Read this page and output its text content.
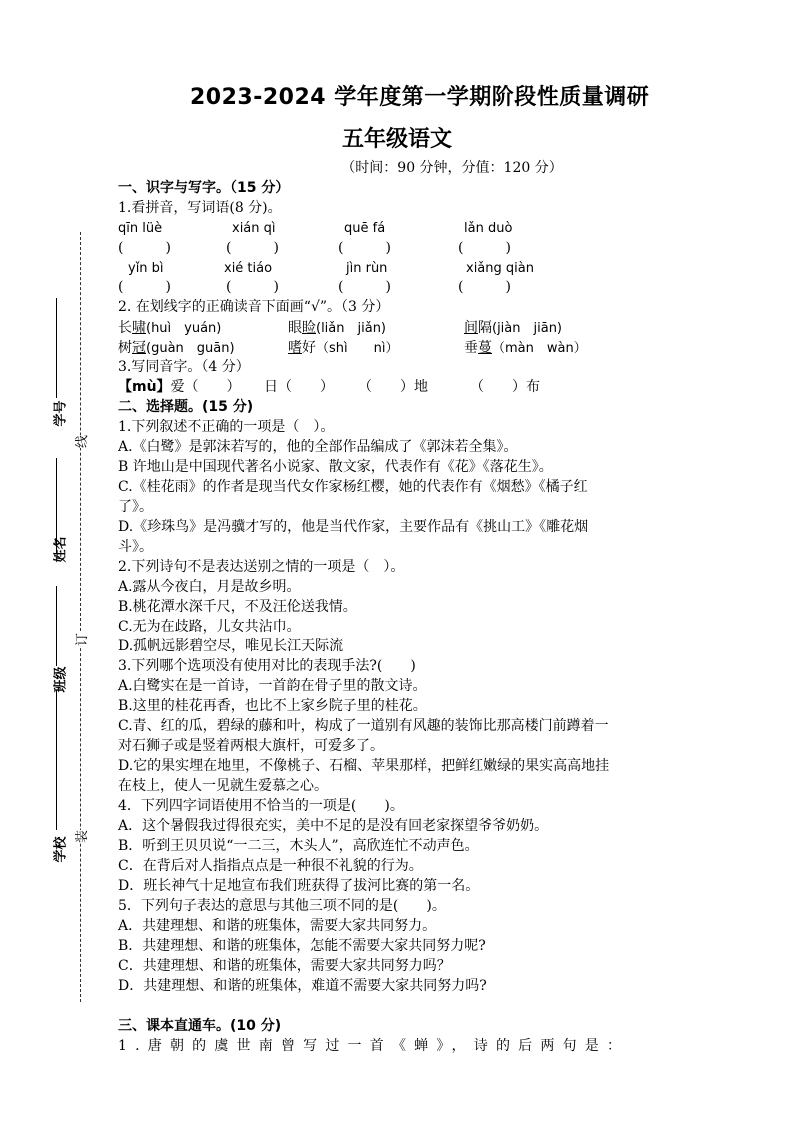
学号
姓名
班级
学校
线
订
装
2023-2024 学年度第一学期阶段性质量调研
五年级语文
（时间：90 分钟，分值：120 分）
一、识字与写字。（15 分）
1.看拼音，写词语(8 分)。
qīn lüè	xián qì	quē fá	lǎn duò
(　　　)	(　　　)	(　　　)	(　　　)
yǐn bì	xié tiáo	jìn rùn	xiǎng qiàn
(　　　)	(　　　)	(　　　)	(　　　)
2. 在划线字的正确读音下面画“√”。（3 分）
长啸(huì　yuán)	眼睑(liǎn　jiǎn)	间隔(jiàn　jiān)
树冠(guàn　guān)	嗜好（shì　　nì）	垂蔓（màn　wàn）
3.写同音字。（4 分）
【mù】爱（　　） 日（　　） （　　）地	（　　）布
二、选择题。(15 分)
1.下列叙述不正确的一项是（　）。
A.《白鹭》是郭沫若写的，他的全部作品编成了《郭沫若全集》。
B 许地山是中国现代著名小说家、散文家，代表作有《花》《落花生》。
C.《桂花雨》的作者是现当代女作家杨红樱，她的代表作有《烟愁》《橘子红
了》。
D.《珍珠鸟》是冯骥才写的，他是当代作家，主要作品有《挑山工》《雕花烟
斗》。
2.下列诗句不是表达送别之情的一项是（　）。
A.露从今夜白，月是故乡明。
B.桃花潭水深千尺，不及汪伦送我情。
C.无为在歧路，儿女共沾巾。
D.孤帆远影碧空尽，唯见长江天际流
3.下列哪个选项没有使用对比的表现手法?(　　)
A.白鹭实在是一首诗，一首韵在骨子里的散文诗。
B.这里的桂花再香，也比不上家乡院子里的桂花。
C.青、红的瓜，碧绿的藤和叶，构成了一道别有风趣的装饰比那高楼门前蹲着一
对石狮子或是竖着两根大旗杆，可爱多了。
D.它的果实埋在地里，不像桃子、石榴、苹果那样，把鲜红嫩绿的果实高高地挂
在枝上，使人一见就生爱慕之心。
4．下列四字词语使用不恰当的一项是(　　)。
A．这个暑假我过得很充实，美中不足的是没有回老家探望爷爷奶奶。
B．听到王贝贝说“一二三，木头人”，高欣连忙不动声色。
C．在背后对人指指点点是一种很不礼貌的行为。
D．班长神气十足地宣布我们班获得了拔河比赛的第一名。
5．下列句子表达的意思与其他三项不同的是(　　)。
A．共建理想、和谐的班集体，需要大家共同努力。
B．共建理想、和谐的班集体，怎能不需要大家共同努力呢?
C．共建理想、和谐的班集体，需要大家共同努力吗？
D．共建理想、和谐的班集体，难道不需要大家共同努力吗?
三、课本直通车。(10 分)
1.唐朝的虞世南曾写过一首《蝉》，诗的后两句是：
